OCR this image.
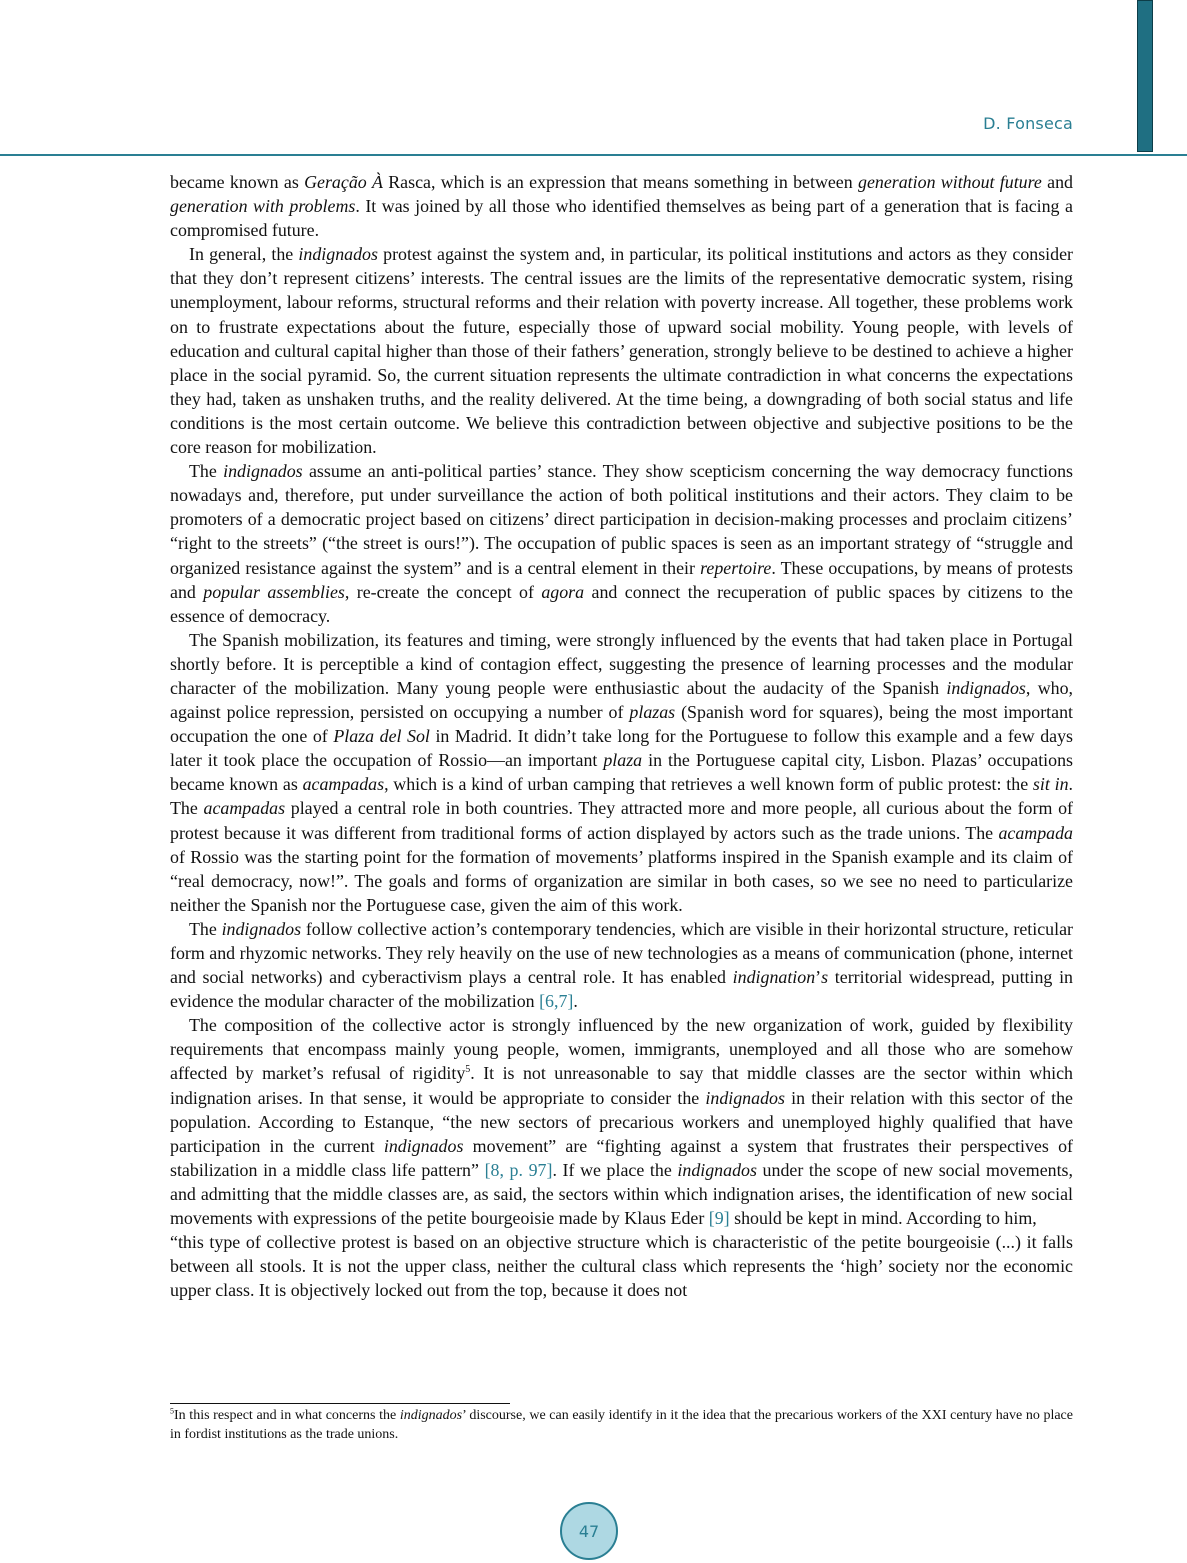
D. Fonseca

became known as Geração À Rasca, which is an expression that means something in between generation without future and generation with problems. It was joined by all those who identified themselves as being part of a generation that is facing a compromised future.

In general, the indignados protest against the system and, in particular, its political institutions and actors as they consider that they don’t represent citizens’ interests. The central issues are the limits of the representative democratic system, rising unemployment, labour reforms, structural reforms and their relation with poverty increase. All together, these problems work on to frustrate expectations about the future, especially those of upward social mobility. Young people, with levels of education and cultural capital higher than those of their fathers’ generation, strongly believe to be destined to achieve a higher place in the social pyramid. So, the current situation represents the ultimate contradiction in what concerns the expectations they had, taken as unshaken truths, and the reality delivered. At the time being, a downgrading of both social status and life conditions is the most certain outcome. We believe this contradiction between objective and subjective positions to be the core reason for mobilization.

The indignados assume an anti-political parties’ stance. They show scepticism concerning the way democracy functions nowadays and, therefore, put under surveillance the action of both political institutions and their actors. They claim to be promoters of a democratic project based on citizens’ direct participation in decision-making processes and proclaim citizens’ “right to the streets” (“the street is ours!”). The occupation of public spaces is seen as an important strategy of “struggle and organized resistance against the system” and is a central element in their repertoire. These occupations, by means of protests and popular assemblies, re-create the concept of agora and connect the recuperation of public spaces by citizens to the essence of democracy.

The Spanish mobilization, its features and timing, were strongly influenced by the events that had taken place in Portugal shortly before. It is perceptible a kind of contagion effect, suggesting the presence of learning processes and the modular character of the mobilization. Many young people were enthusiastic about the audacity of the Spanish indignados, who, against police repression, persisted on occupying a number of plazas (Spanish word for squares), being the most important occupation the one of Plaza del Sol in Madrid. It didn’t take long for the Portuguese to follow this example and a few days later it took place the occupation of Rossio—an important plaza in the Portuguese capital city, Lisbon. Plazas’ occupations became known as acampadas, which is a kind of urban camping that retrieves a well known form of public protest: the sit in. The acampadas played a central role in both countries. They attracted more and more people, all curious about the form of protest because it was different from traditional forms of action displayed by actors such as the trade unions. The acampada of Rossio was the starting point for the formation of movements’ platforms inspired in the Spanish example and its claim of “real democracy, now!”. The goals and forms of organization are similar in both cases, so we see no need to particularize neither the Spanish nor the Portuguese case, given the aim of this work.

The indignados follow collective action’s contemporary tendencies, which are visible in their horizontal structure, reticular form and rhyzomic networks. They rely heavily on the use of new technologies as a means of communication (phone, internet and social networks) and cyberactivism plays a central role. It has enabled indignation’s territorial widespread, putting in evidence the modular character of the mobilization [6,7].

The composition of the collective actor is strongly influenced by the new organization of work, guided by flexibility requirements that encompass mainly young people, women, immigrants, unemployed and all those who are somehow affected by market’s refusal of rigidity$^5$. It is not unreasonable to say that middle classes are the sector within which indignation arises. In that sense, it would be appropriate to consider the indignados in their relation with this sector of the population. According to Estanque, “the new sectors of precarious workers and unemployed highly qualified that have participation in the current indignados movement” are “fighting against a system that frustrates their perspectives of stabilization in a middle class life pattern” [8, p. 97]. If we place the indignados under the scope of new social movements, and admitting that the middle classes are, as said, the sectors within which indignation arises, the identification of new social movements with expressions of the petite bourgeoisie made by Klaus Eder [9] should be kept in mind. According to him,

“this type of collective protest is based on an objective structure which is characteristic of the petite bourgeoisie (...) it falls between all stools. It is not the upper class, neither the cultural class which represents the ‘high’ society nor the economic upper class. It is objectively locked out from the top, because it does not

$^5$In this respect and in what concerns the indignados’ discourse, we can easily identify in it the idea that the precarious workers of the XXI century have no place in fordist institutions as the trade unions.
47
